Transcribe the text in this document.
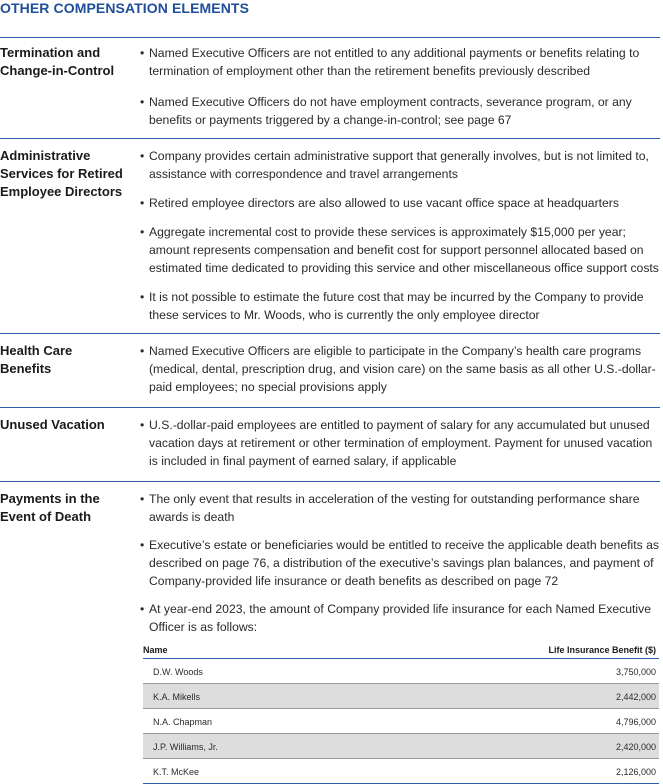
OTHER COMPENSATION ELEMENTS
Termination and Change-in-Control
• Named Executive Officers are not entitled to any additional payments or benefits relating to termination of employment other than the retirement benefits previously described
• Named Executive Officers do not have employment contracts, severance program, or any benefits or payments triggered by a change-in-control; see page 67
Administrative Services for Retired Employee Directors
• Company provides certain administrative support that generally involves, but is not limited to, assistance with correspondence and travel arrangements
• Retired employee directors are also allowed to use vacant office space at headquarters
• Aggregate incremental cost to provide these services is approximately $15,000 per year; amount represents compensation and benefit cost for support personnel allocated based on estimated time dedicated to providing this service and other miscellaneous office support costs
• It is not possible to estimate the future cost that may be incurred by the Company to provide these services to Mr. Woods, who is currently the only employee director
Health Care Benefits
• Named Executive Officers are eligible to participate in the Company’s health care programs (medical, dental, prescription drug, and vision care) on the same basis as all other U.S.-dollar-paid employees; no special provisions apply
Unused Vacation	• U.S.-dollar-paid employees are entitled to payment of salary for any accumulated but unused vacation days at retirement or other termination of employment. Payment for unused vacation is included in final payment of earned salary, if applicable
Payments in the Event of Death
• The only event that results in acceleration of the vesting for outstanding performance share awards is death
• Executive’s estate or beneficiaries would be entitled to receive the applicable death benefits as described on page 76, a distribution of the executive’s savings plan balances, and payment of Company-provided life insurance or death benefits as described on page 72
• At year-end 2023, the amount of Company provided life insurance for each Named Executive Officer is as follows:
Name	Life Insurance Benefit ($)
D.W. Woods	3,750,000
K.A. Mikells	2,442,000
N.A. Chapman	4,796,000
J.P. Williams, Jr.	2,420,000
K.T. McKee	2,126,000
